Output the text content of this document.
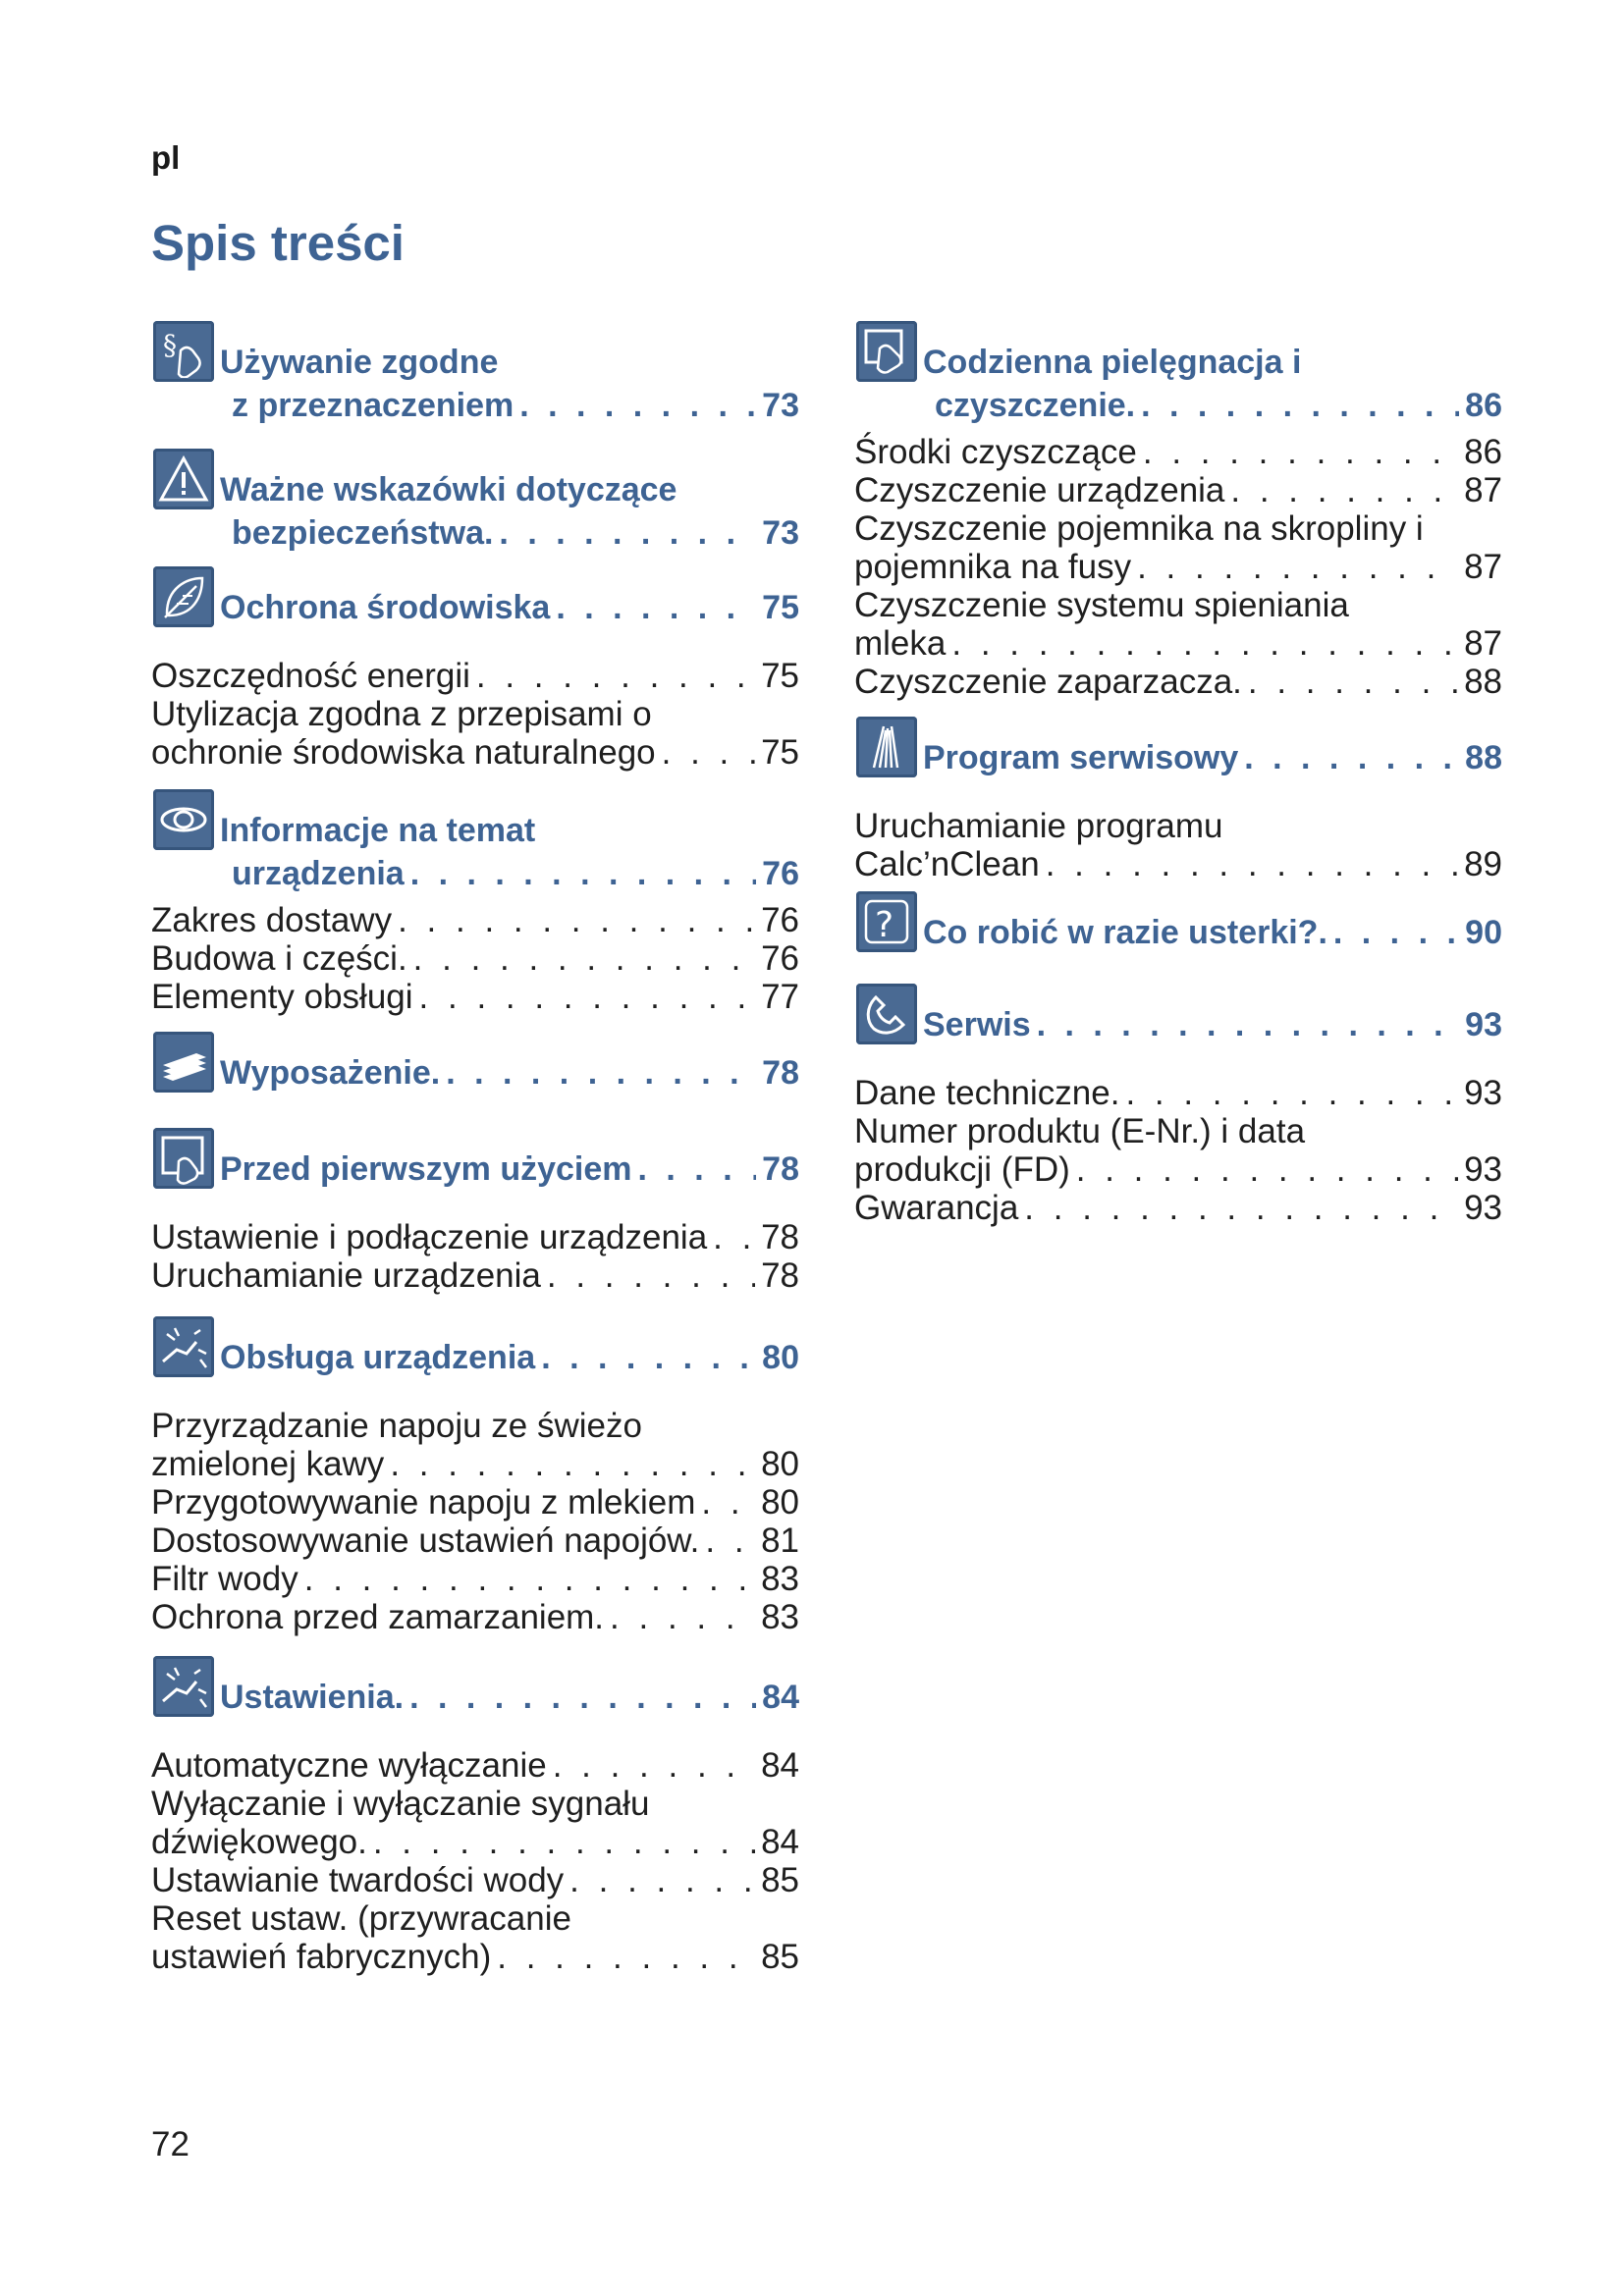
pl
Spis treści
§ Używanie zgodne
z przeznaczeniem . . .	73
Ważne wskazówki dotyczące
bezpieczeństwa. . . .	73
Ochrona środowiska . . .	75
Oszczędność energii . . .	75
Utylizacja zgodna z przepisami o
ochronie środowiska naturalnego . . .	75
Informacje na temat
urządzenia . . .	76
Zakres dostawy . . .	76
Budowa i części. . . .	76
Elementy obsługi . . .	77
Wyposażenie. . . .	78
Przed pierwszym użyciem . . .	78
Ustawienie i podłączenie urządzenia . . . 78
Uruchamianie urządzenia . . .	78
Obsługa urządzenia . . .	80
Przyrządzanie napoju ze świeżo
zmielonej kawy . . .	80
Przygotowywanie napoju z mlekiem . . . 80
Dostosowywanie ustawień napojów. . . . 81
Filtr wody . . .	83
Ochrona przed zamarzaniem. . . .	83
Ustawienia. . . .	84
Automatyczne wyłączanie . . .	84
Wyłączanie i wyłączanie sygnału
dźwiękowego. . . .	84
Ustawianie twardości wody . . .	85
Reset ustaw. (przywracanie
ustawień fabrycznych) . . .	85
Codzienna pielęgnacja i
czyszczenie. . . .	86
Środki czyszczące . . .	86
Czyszczenie urządzenia . . .	87
Czyszczenie pojemnika na skropliny i
pojemnika na fusy . . .	87
Czyszczenie systemu spieniania
mleka . . .	87
Czyszczenie zaparzacza. . . .	88
Program serwisowy . . .	88
Uruchamianie programu
Calc’nClean . . .	89
? Co robić w razie usterki?. . . .	90
Serwis . . .	93
Dane techniczne. . . .	93
Numer produktu (E-Nr.) i data
produkcji (FD) . . .	93
Gwarancja . . .	93
72
